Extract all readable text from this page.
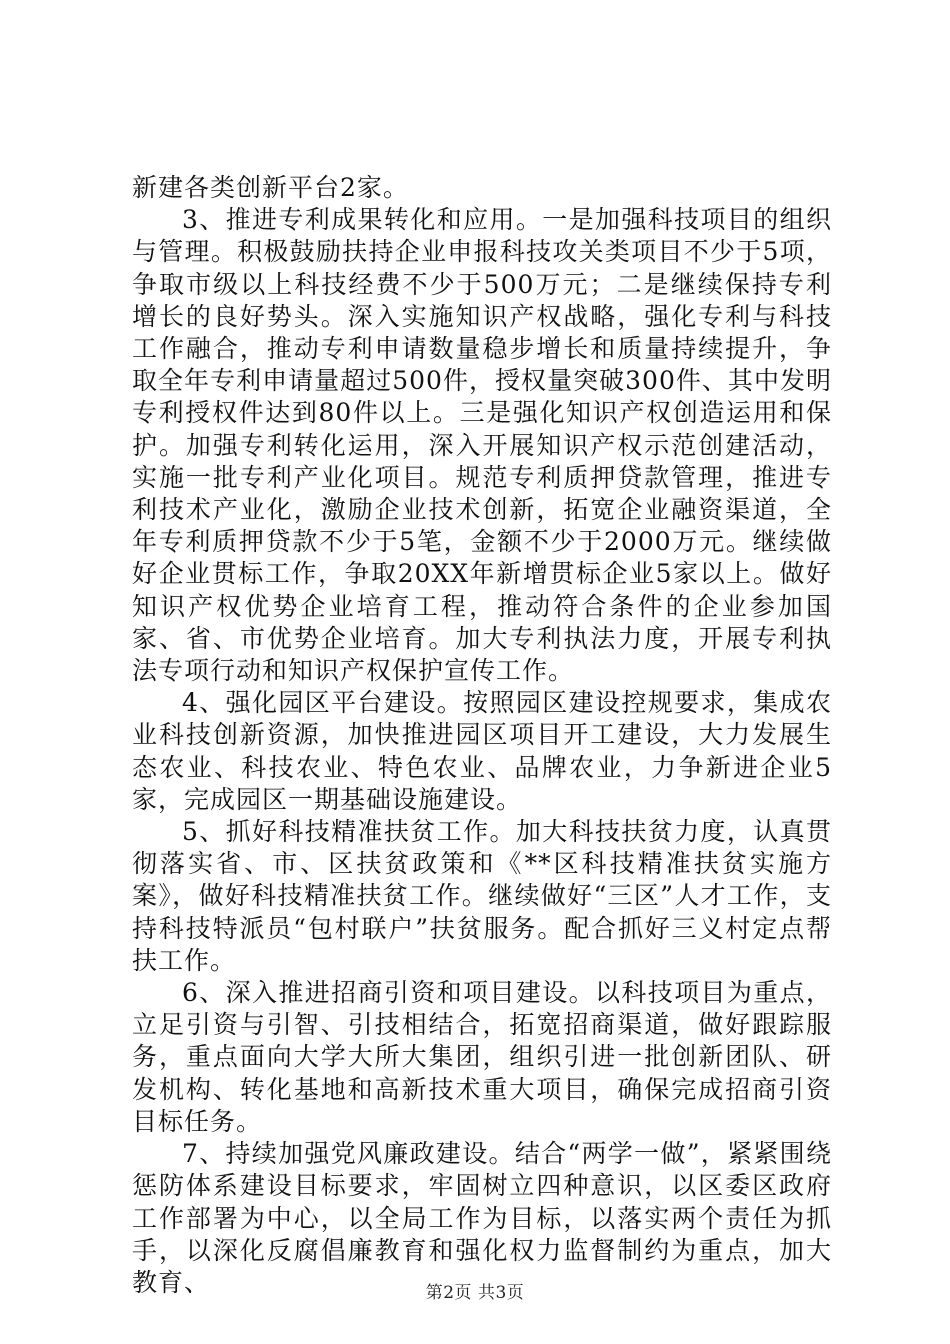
新建各类创新平台2家。

3、推进专利成果转化和应用。一是加强科技项目的组织与管理。积极鼓励扶持企业申报科技攻关类项目不少于5项，争取市级以上科技经费不少于500万元；二是继续保持专利增长的良好势头。深入实施知识产权战略，强化专利与科技工作融合，推动专利申请数量稳步增长和质量持续提升，争取全年专利申请量超过500件，授权量突破300件、其中发明专利授权件达到80件以上。三是强化知识产权创造运用和保护。加强专利转化运用，深入开展知识产权示范创建活动，实施一批专利产业化项目。规范专利质押贷款管理，推进专利技术产业化，激励企业技术创新，拓宽企业融资渠道，全年专利质押贷款不少于5笔，金额不少于2000万元。继续做好企业贯标工作，争取20XX年新增贯标企业5家以上。做好知识产权优势企业培育工程，推动符合条件的企业参加国家、省、市优势企业培育。加大专利执法力度，开展专利执法专项行动和知识产权保护宣传工作。

4、强化园区平台建设。按照园区建设控规要求，集成农业科技创新资源，加快推进园区项目开工建设，大力发展生态农业、科技农业、特色农业、品牌农业，力争新进企业5家，完成园区一期基础设施建设。

5、抓好科技精准扶贫工作。加大科技扶贫力度，认真贯彻落实省、市、区扶贫政策和《**区科技精准扶贫实施方案》，做好科技精准扶贫工作。继续做好“三区”人才工作，支持科技特派员“包村联户”扶贫服务。配合抓好三义村定点帮扶工作。

6、深入推进招商引资和项目建设。以科技项目为重点，立足引资与引智、引技相结合，拓宽招商渠道，做好跟踪服务，重点面向大学大所大集团，组织引进一批创新团队、研发机构、转化基地和高新技术重大项目，确保完成招商引资目标任务。

7、持续加强党风廉政建设。结合“两学一做”，紧紧围绕惩防体系建设目标要求，牢固树立四种意识，以区委区政府工作部署为中心，以全局工作为目标，以落实两个责任为抓手，以深化反腐倡廉教育和强化权力监督制约为重点，加大教育、	第2页 共3页
